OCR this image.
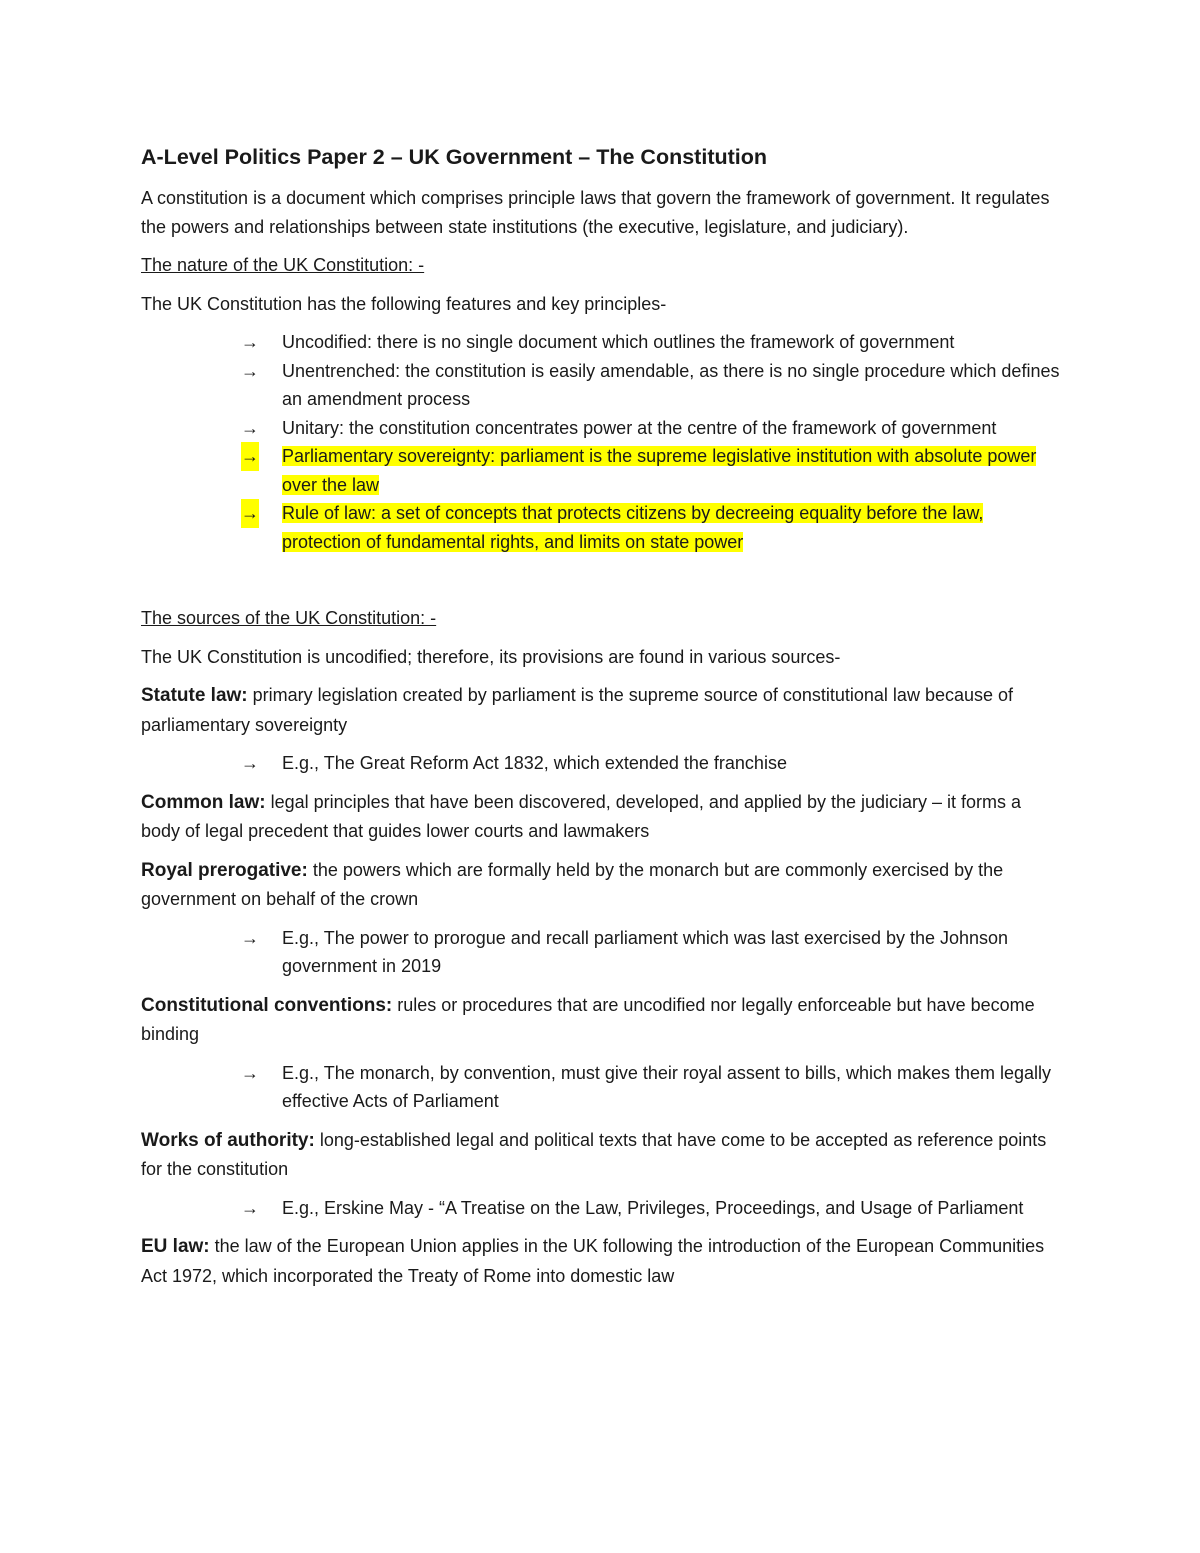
A-Level Politics Paper 2 – UK Government – The Constitution

A constitution is a document which comprises principle laws that govern the framework of government. It regulates the powers and relationships between state institutions (the executive, legislature, and judiciary).

The nature of the UK Constitution: -

The UK Constitution has the following features and key principles-

→ Uncodified: there is no single document which outlines the framework of government
→ Unentrenched: the constitution is easily amendable, as there is no single procedure which defines an amendment process
→ Unitary: the constitution concentrates power at the centre of the framework of government
→ Parliamentary sovereignty: parliament is the supreme legislative institution with absolute power over the law
→ Rule of law: a set of concepts that protects citizens by decreeing equality before the law, protection of fundamental rights, and limits on state power

The sources of the UK Constitution: -

The UK Constitution is uncodified; therefore, its provisions are found in various sources-

Statute law: primary legislation created by parliament is the supreme source of constitutional law because of parliamentary sovereignty

→ E.g., The Great Reform Act 1832, which extended the franchise

Common law: legal principles that have been discovered, developed, and applied by the judiciary – it forms a body of legal precedent that guides lower courts and lawmakers

Royal prerogative: the powers which are formally held by the monarch but are commonly exercised by the government on behalf of the crown

→ E.g., The power to prorogue and recall parliament which was last exercised by the Johnson government in 2019

Constitutional conventions: rules or procedures that are uncodified nor legally enforceable but have become binding

→ E.g., The monarch, by convention, must give their royal assent to bills, which makes them legally effective Acts of Parliament

Works of authority: long-established legal and political texts that have come to be accepted as reference points for the constitution

→ E.g., Erskine May - “A Treatise on the Law, Privileges, Proceedings, and Usage of Parliament

EU law: the law of the European Union applies in the UK following the introduction of the European Communities Act 1972, which incorporated the Treaty of Rome into domestic law
